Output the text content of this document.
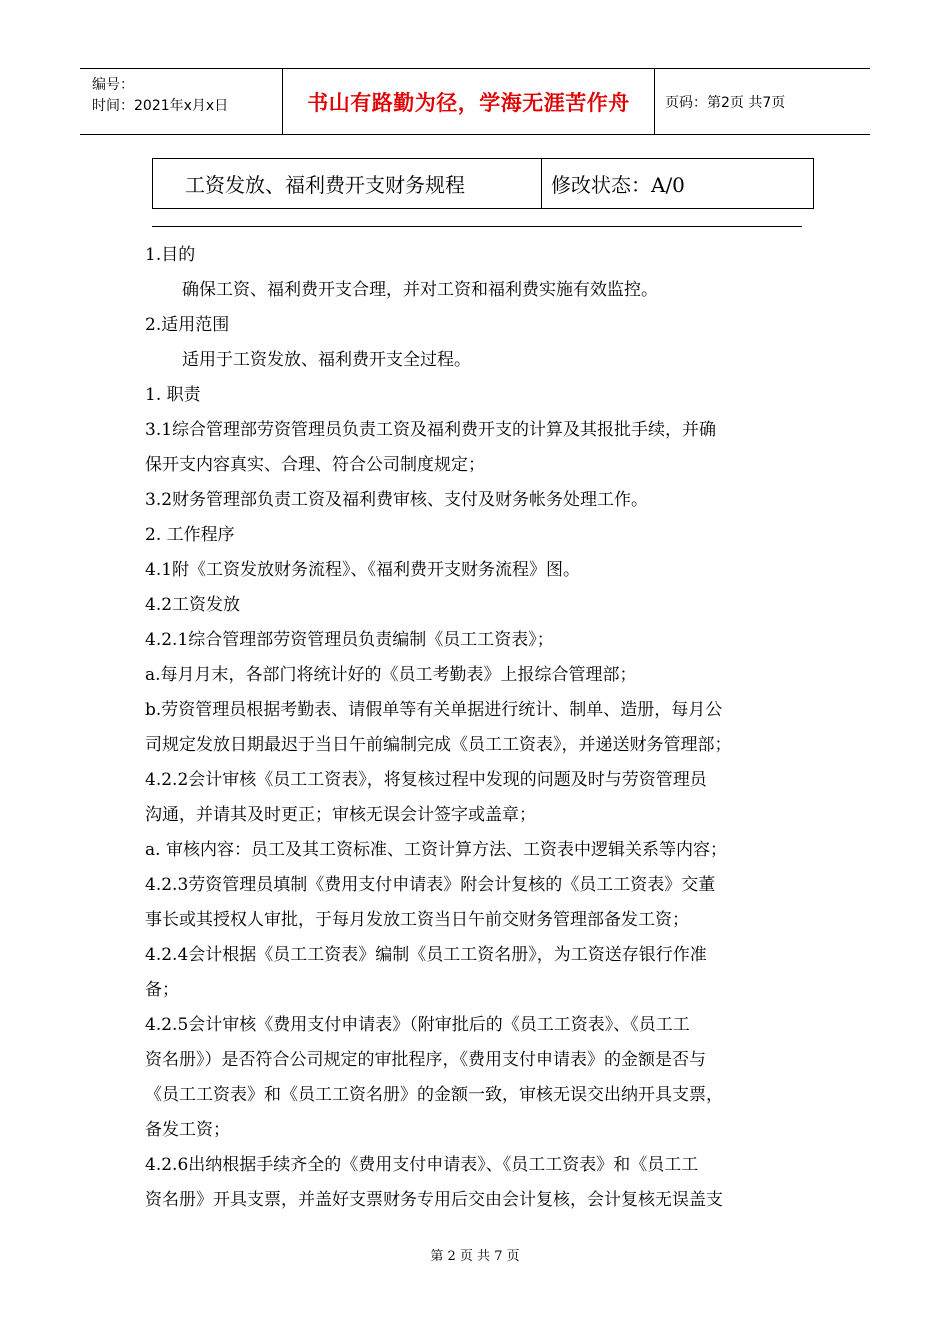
编号：
时间：2021年x月x日	书山有路勤为径，学海无涯苦作舟	页码：第2页 共7页
工资发放、福利费开支财务规程	修改状态：A/0
1.目的
确保工资、福利费开支合理，并对工资和福利费实施有效监控。
2.适用范围
适用于工资发放、福利费开支全过程。
1. 职责
3.1综合管理部劳资管理员负责工资及福利费开支的计算及其报批手续，并确
保开支内容真实、合理、符合公司制度规定；
3.2财务管理部负责工资及福利费审核、支付及财务帐务处理工作。
2. 工作程序
4.1附《工资发放财务流程》、《福利费开支财务流程》图。
4.2工资发放
4.2.1综合管理部劳资管理员负责编制《员工工资表》；
a.每月月末，各部门将统计好的《员工考勤表》上报综合管理部；
b.劳资管理员根据考勤表、请假单等有关单据进行统计、制单、造册，每月公
司规定发放日期最迟于当日午前编制完成《员工工资表》，并递送财务管理部；
4.2.2会计审核《员工工资表》，将复核过程中发现的问题及时与劳资管理员
沟通，并请其及时更正；审核无误会计签字或盖章；
a. 审核内容：员工及其工资标准、工资计算方法、工资表中逻辑关系等内容；
4.2.3劳资管理员填制《费用支付申请表》附会计复核的《员工工资表》交董
事长或其授权人审批，于每月发放工资当日午前交财务管理部备发工资；
4.2.4会计根据《员工工资表》编制《员工工资名册》，为工资送存银行作准
备；
4.2.5会计审核《费用支付申请表》（附审批后的《员工工资表》、《员工工
资名册》）是否符合公司规定的审批程序，《费用支付申请表》的金额是否与
《员工工资表》和《员工工资名册》的金额一致，审核无误交出纳开具支票，
备发工资；
4.2.6出纳根据手续齐全的《费用支付申请表》、《员工工资表》和《员工工
资名册》开具支票，并盖好支票财务专用后交由会计复核，会计复核无误盖支
第 2 页 共 7 页
